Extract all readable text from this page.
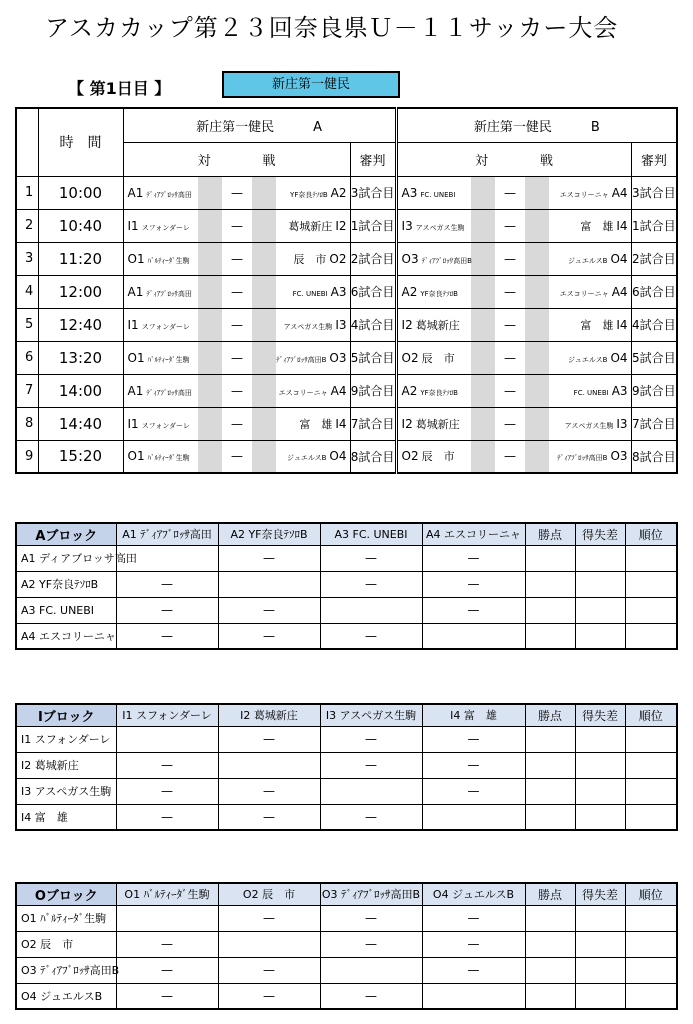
アスカカップ第２３回奈良県Ｕ－１１サッカー大会
【 第1日目 】	新庄第一健民
	時　間	新庄第一健民　　　A						新庄第一健民　　　B					
		対　　　　戦					審判	対　　　　戦					審判
1	10:00	A1 ﾃﾞｨｱﾌﾞﾛｯｻ高田		—		YF奈良ﾃｿﾛB A2	3試合目	A3 FC. UNEBI		—		エスコリーニャ A4	3試合目
2	10:40	I1 スフォンダーレ		—		葛城新庄 I2	1試合目	I3 アスペガス生駒		—		富　雄 I4	1試合目
3	11:20	O1 ﾊﾞﾙﾃｨｰﾀﾞ生駒		—		辰　市 O2	2試合目	O3 ﾃﾞｨｱﾌﾞﾛｯｻ高田B		—		ジュエルスB O4	2試合目
4	12:00	A1 ﾃﾞｨｱﾌﾞﾛｯｻ高田		—		FC. UNEBI A3	6試合目	A2 YF奈良ﾃｿﾛB		—		エスコリーニャ A4	6試合目
5	12:40	I1 スフォンダーレ		—		アスペガス生駒 I3	4試合目	I2 葛城新庄		—		富　雄 I4	4試合目
6	13:20	O1 ﾊﾞﾙﾃｨｰﾀﾞ生駒		—		ﾃﾞｨｱﾌﾞﾛｯｻ高田B O3	5試合目	O2 辰　市		—		ジュエルスB O4	5試合目
7	14:00	A1 ﾃﾞｨｱﾌﾞﾛｯｻ高田		—		エスコリーニャ A4	9試合目	A2 YF奈良ﾃｿﾛB		—		FC. UNEBI A3	9試合目
8	14:40	I1 スフォンダーレ		—		富　雄 I4	7試合目	I2 葛城新庄		—		アスペガス生駒 I3	7試合目
9	15:20	O1 ﾊﾞﾙﾃｨｰﾀﾞ生駒		—		ジュエルスB O4	8試合目	O2 辰　市		—		ﾃﾞｨｱﾌﾞﾛｯｻ高田B O3	8試合目
Aブロック	A1 ﾃﾞｨｱﾌﾞﾛｯｻ高田	A2 YF奈良ﾃｿﾛB	A3 FC. UNEBI	A4 エスコリーニャ	勝点	得失差	順位
A1 ディアブロッサ高田		—	—	—			
A2 YF奈良ﾃｿﾛB	—		—	—			
A3 FC. UNEBI	—	—		—			
A4 エスコリーニャ	—	—	—				
Iブロック	I1 スフォンダーレ	I2 葛城新庄	I3 アスペガス生駒	I4 富　雄	勝点	得失差	順位
I1 スフォンダーレ		—	—	—			
I2 葛城新庄	—		—	—			
I3 アスペガス生駒	—	—		—			
I4 富　雄	—	—	—				
Oブロック	O1 ﾊﾞﾙﾃｨｰﾀﾞ生駒	O2 辰　市	O3 ﾃﾞｨｱﾌﾞﾛｯｻ高田B	O4 ジュエルスB	勝点	得失差	順位
O1 ﾊﾞﾙﾃｨｰﾀﾞ生駒		—	—	—			
O2 辰　市	—		—	—			
O3 ﾃﾞｨｱﾌﾞﾛｯｻ高田B	—	—		—			
O4 ジュエルスB	—	—	—				
